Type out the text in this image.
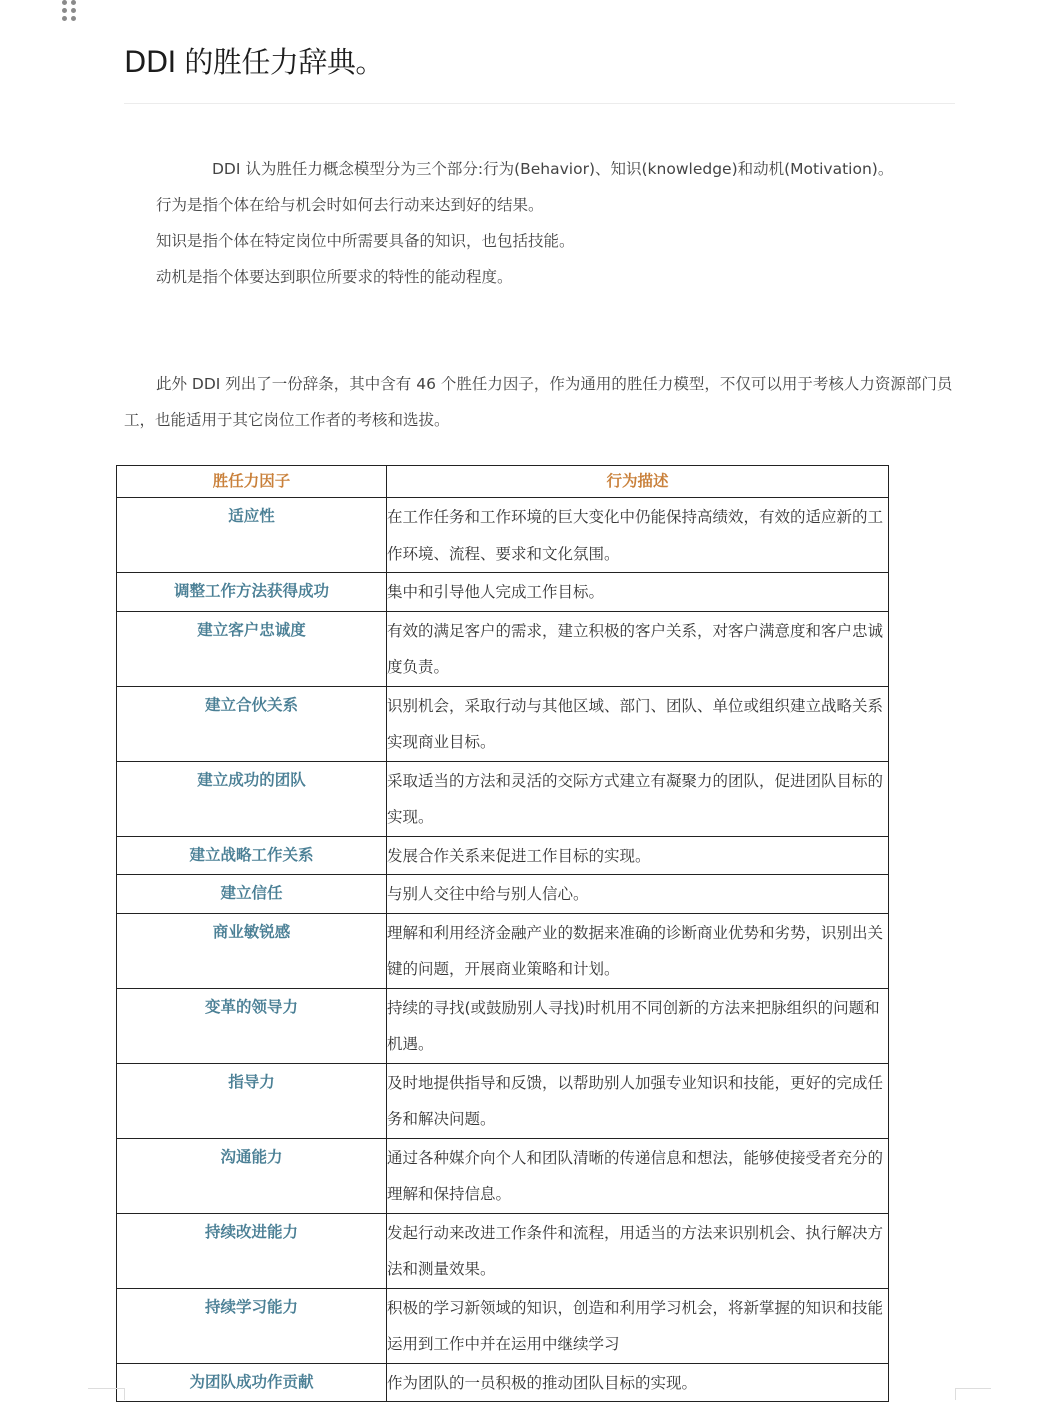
DDI 的胜任力辞典。

DDI 认为胜任力概念模型分为三个部分:行为(Behavior)、知识(knowledge)和动机(Motivation)。

行为是指个体在给与机会时如何去行动来达到好的结果。

知识是指个体在特定岗位中所需要具备的知识，也包括技能。

动机是指个体要达到职位所要求的特性的能动程度。

此外 DDI 列出了一份辞条，其中含有 46 个胜任力因子，作为通用的胜任力模型，不仅可以用于考核人力资源部门员工，也能适用于其它岗位工作者的考核和选拔。

胜任力因子	行为描述
适应性	在工作任务和工作环境的巨大变化中仍能保持高绩效，有效的适应新的工作环境、流程、要求和文化氛围。

调整工作方法获得成功	集中和引导他人完成工作目标。

建立客户忠诚度	有效的满足客户的需求，建立积极的客户关系，对客户满意度和客户忠诚度负责。

建立合伙关系	识别机会，采取行动与其他区域、部门、团队、单位或组织建立战略关系实现商业目标。

建立成功的团队	采取适当的方法和灵活的交际方式建立有凝聚力的团队，促进团队目标的实现。

建立战略工作关系	发展合作关系来促进工作目标的实现。

建立信任	与别人交往中给与别人信心。

商业敏锐感	理解和利用经济金融产业的数据来准确的诊断商业优势和劣势，识别出关键的问题，开展商业策略和计划。

变革的领导力	持续的寻找(或鼓励别人寻找)时机用不同创新的方法来把脉组织的问题和机遇。

指导力	及时地提供指导和反馈，以帮助别人加强专业知识和技能，更好的完成任务和解决问题。

沟通能力	通过各种媒介向个人和团队清晰的传递信息和想法，能够使接受者充分的理解和保持信息。

持续改进能力	发起行动来改进工作条件和流程，用适当的方法来识别机会、执行解决方法和测量效果。

持续学习能力	积极的学习新领域的知识，创造和利用学习机会，将新掌握的知识和技能运用到工作中并在运用中继续学习

为团队成功作贡献	作为团队的一员积极的推动团队目标的实现。
